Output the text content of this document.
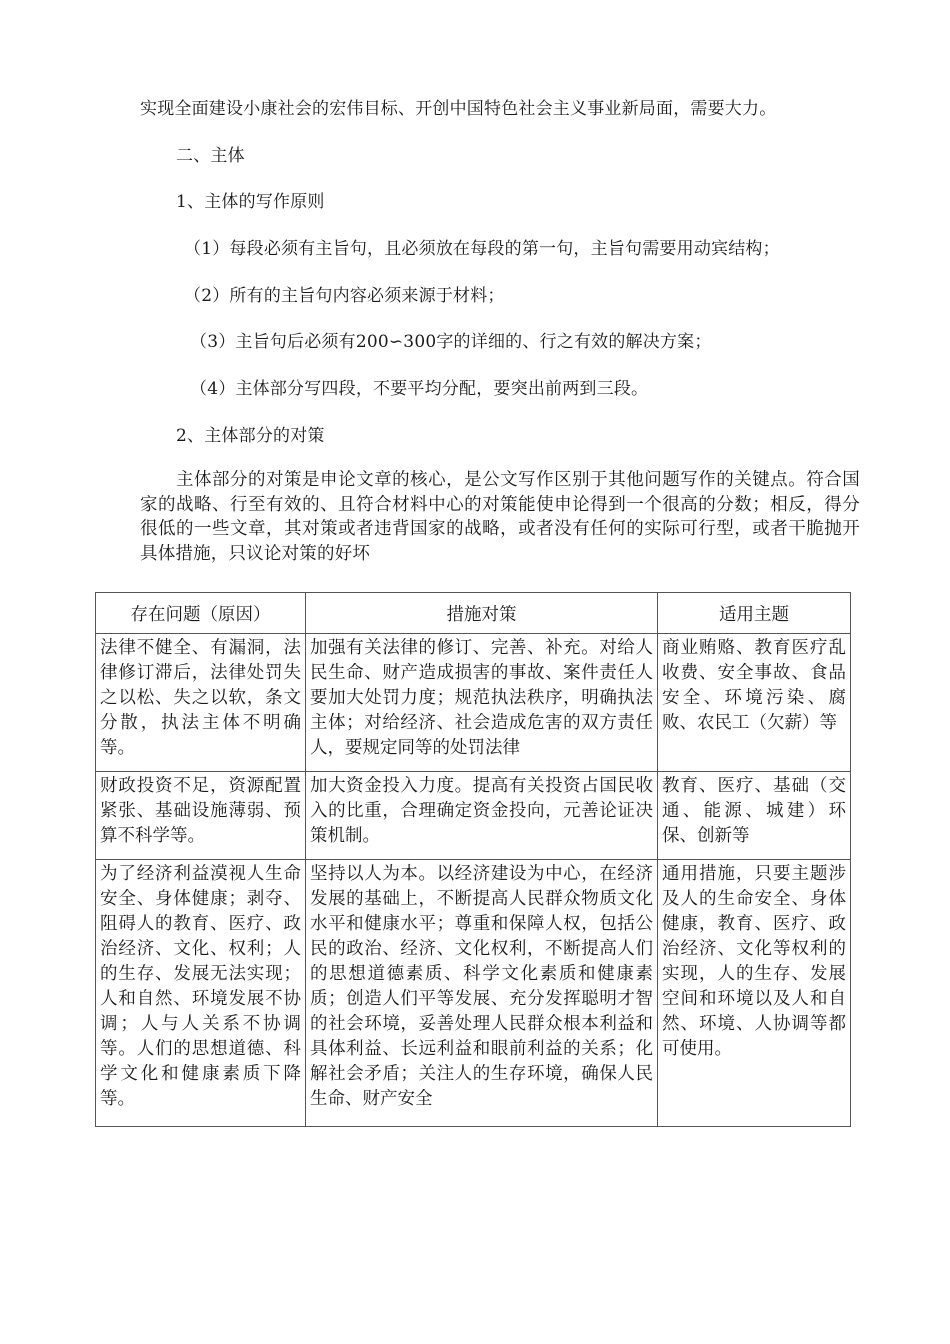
实现全面建设小康社会的宏伟目标、开创中国特色社会主义事业新局面，需要大力。
二、主体
1、主体的写作原则
（1）每段必须有主旨句，且必须放在每段的第一句，主旨句需要用动宾结构；
（2）所有的主旨句内容必须来源于材料；
（3）主旨句后必须有200∽300字的详细的、行之有效的解决方案；
（4）主体部分写四段，不要平均分配，要突出前两到三段。
2、主体部分的对策
主体部分的对策是申论文章的核心，是公文写作区别于其他问题写作的关键点。符合国家的战略、行至有效的、且符合材料中心的对策能使申论得到一个很高的分数；相反，得分很低的一些文章，其对策或者违背国家的战略，或者没有任何的实际可行型，或者干脆抛开具体措施，只议论对策的好坏
存在问题（原因）	措施对策	适用主题

法律不健全、有漏洞，法律修订滞后，法律处罚失之以松、失之以软，条文分散，执法主体不明确等。	加强有关法律的修订、完善、补充。对给人民生命、财产造成损害的事故、案件责任人要加大处罚力度；规范执法秩序，明确执法主体；对给经济、社会造成危害的双方责任人，要规定同等的处罚法律	商业贿赂、教育医疗乱收费、安全事故、食品安全、环境污染、腐败、农民工（欠薪）等

财政投资不足，资源配置紧张、基础设施薄弱、预算不科学等。	加大资金投入力度。提高有关投资占国民收入的比重，合理确定资金投向，元善论证决策机制。	教育、医疗、基础（交通、能源、城建）环保、创新等

为了经济利益漠视人生命安全、身体健康；剥夺、阻碍人的教育、医疗、政治经济、文化、权利；人的生存、发展无法实现；人和自然、环境发展不协调；人与人关系不协调等。人们的思想道德、科学文化和健康素质下降等。	坚持以人为本。以经济建设为中心，在经济发展的基础上，不断提高人民群众物质文化水平和健康水平；尊重和保障人权，包括公民的政治、经济、文化权利，不断提高人们的思想道德素质、科学文化素质和健康素质；创造人们平等发展、充分发挥聪明才智的社会环境，妥善处理人民群众根本利益和具体利益、长远利益和眼前利益的关系；化解社会矛盾；关注人的生存环境，确保人民生命、财产安全	通用措施，只要主题涉及人的生命安全、身体健康，教育、医疗、政治经济、文化等权利的实现，人的生存、发展空间和环境以及人和自然、环境、人协调等都可使用。
